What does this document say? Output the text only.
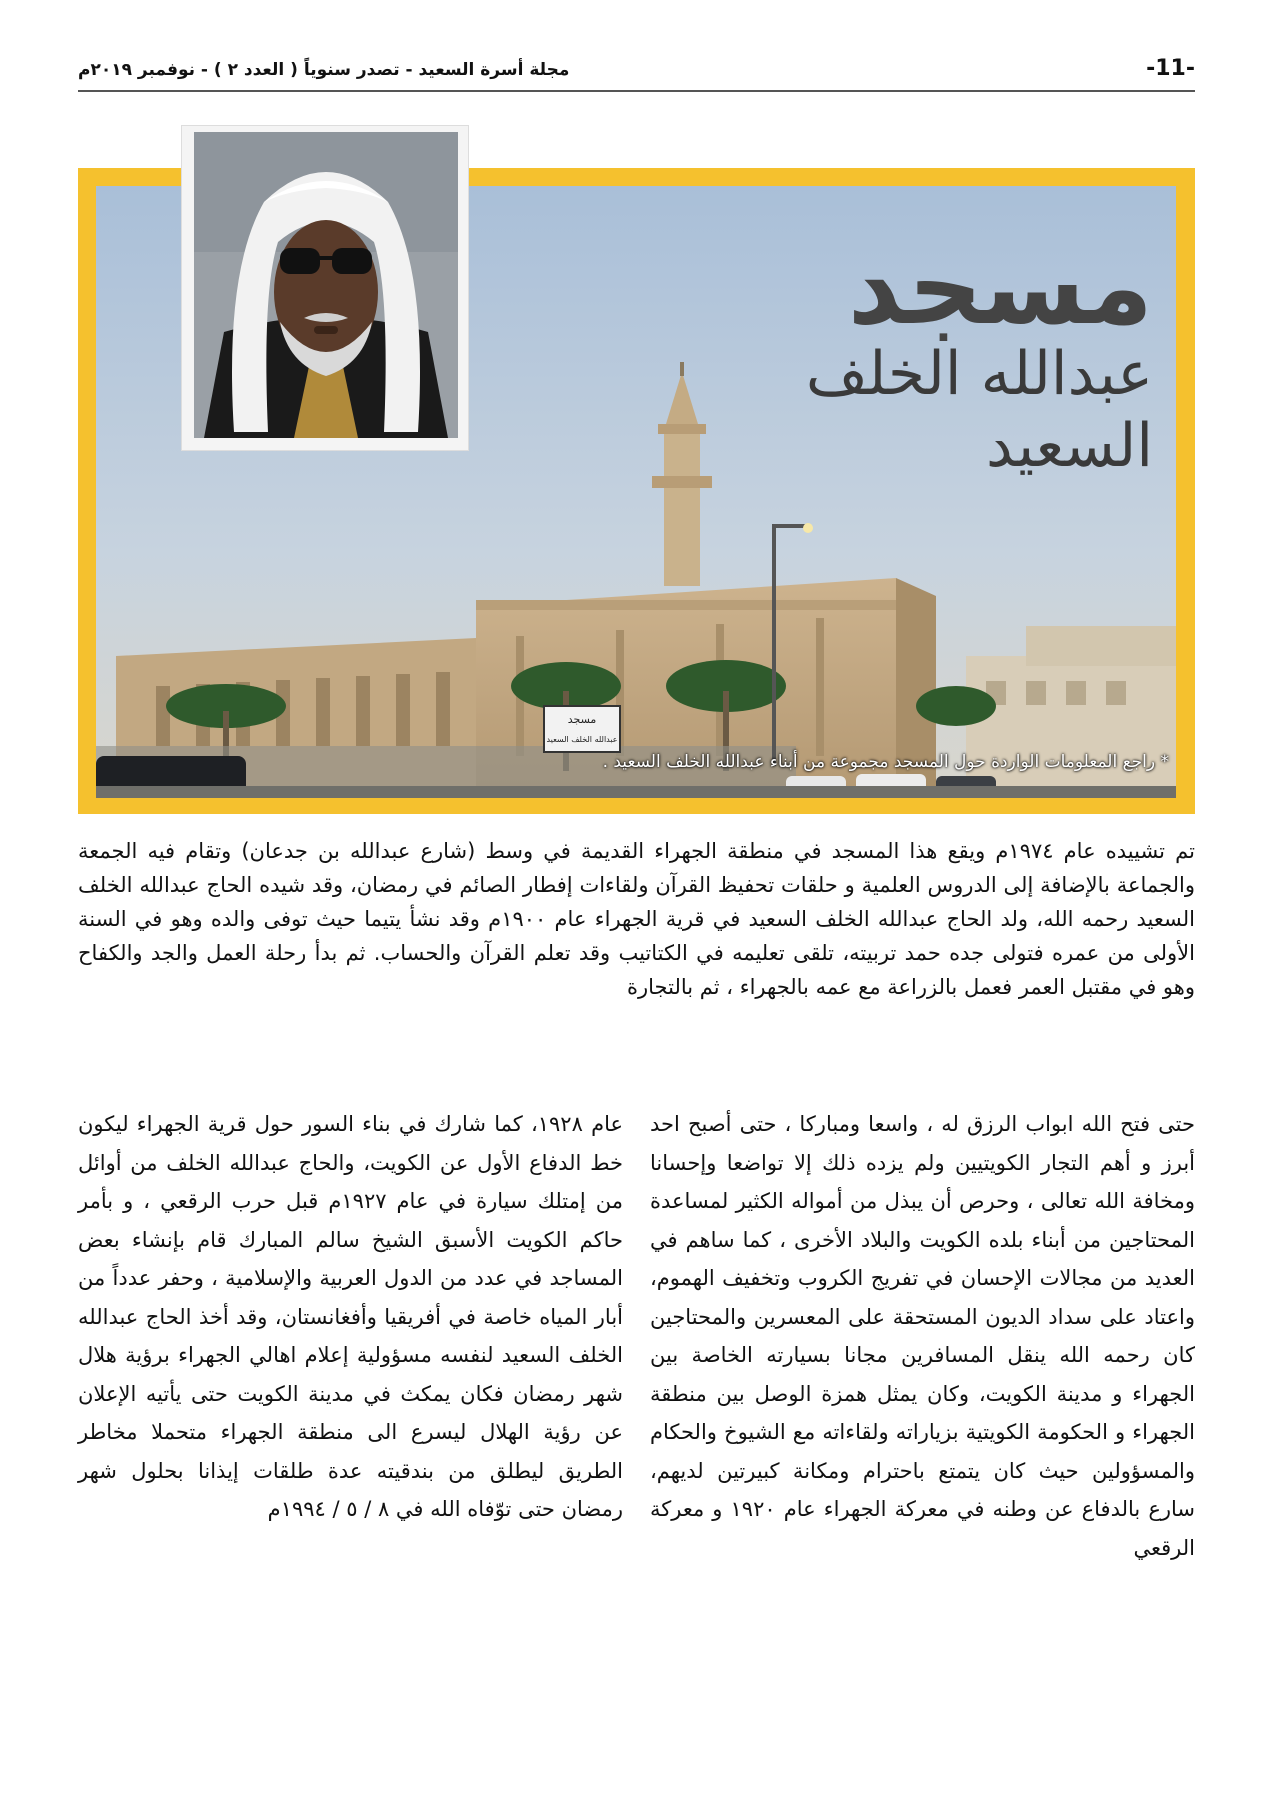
-11-
مجلة أسرة السعيد - تصدر سنوياً ( العدد ٢ ) - نوفمبر ٢٠١٩م
مسجد
عبدالله الخلف السعيد
مسجد
عبدالله الخلف السعيد
* راجع المعلومات الواردة حول المسجد مجموعة من أبناء عبدالله الخلف السعيد .

تم تشييده عام ١٩٧٤م ويقع هذا المسجد في منطقة الجهراء القديمة في وسط (شارع عبدالله بن جدعان) وتقام فيه الجمعة والجماعة بالإضافة إلى الدروس العلمية و حلقات تحفيظ القرآن ولقاءات إفطار الصائم في رمضان، وقد شيده الحاج عبدالله الخلف السعيد رحمه الله، ولد الحاج عبدالله الخلف السعيد في قرية الجهراء عام ١٩٠٠م وقد نشأ يتيما حيث توفى والده وهو في السنة الأولى من عمره فتولى جده حمد تربيته، تلقى تعليمه في الكتاتيب وقد تعلم القرآن والحساب. ثم بدأ رحلة العمل والجد والكفاح وهو في مقتبل العمر فعمل بالزراعة مع عمه بالجهراء ، ثم بالتجارة

حتى فتح الله ابواب الرزق له ، واسعا ومباركا ، حتى أصبح احد أبرز و أهم التجار الكويتيين ولم يزده ذلك إلا تواضعا وإحسانا ومخافة الله تعالى ، وحرص أن يبذل من أمواله الكثير لمساعدة المحتاجين من أبناء بلده الكويت والبلاد الأخرى ، كما ساهم في العديد من مجالات الإحسان في تفريج الكروب وتخفيف الهموم، واعتاد على سداد الديون المستحقة على المعسرين والمحتاجين كان رحمه الله ينقل المسافرين مجانا بسيارته الخاصة بين الجهراء و مدينة الكويت، وكان يمثل همزة الوصل بين منطقة الجهراء و الحكومة الكويتية بزياراته ولقاءاته مع الشيوخ والحكام والمسؤولين حيث كان يتمتع باحترام ومكانة كبيرتين لديهم، سارع بالدفاع عن وطنه في معركة الجهراء عام ١٩٢٠ و معركة الرقعي
عام ١٩٢٨، كما شارك في بناء السور حول قرية الجهراء ليكون خط الدفاع الأول عن الكويت، والحاج عبدالله الخلف من أوائل من إمتلك سيارة في عام ١٩٢٧م قبل حرب الرقعي ، و بأمر حاكم الكويت الأسبق الشيخ سالم المبارك قام بإنشاء بعض المساجد في عدد من الدول العربية والإسلامية ، وحفر عدداً من أبار المياه خاصة في أفريقيا وأفغانستان، وقد أخذ الحاج عبدالله الخلف السعيد لنفسه مسؤولية إعلام اهالي الجهراء برؤية هلال شهر رمضان فكان يمكث في مدينة الكويت حتى يأتيه الإعلان عن رؤية الهلال ليسرع الى منطقة الجهراء متحملا مخاطر الطريق ليطلق من بندقيته عدة طلقات إيذانا بحلول شهر رمضان حتى توّفاه الله في ٨ / ٥ / ١٩٩٤م
